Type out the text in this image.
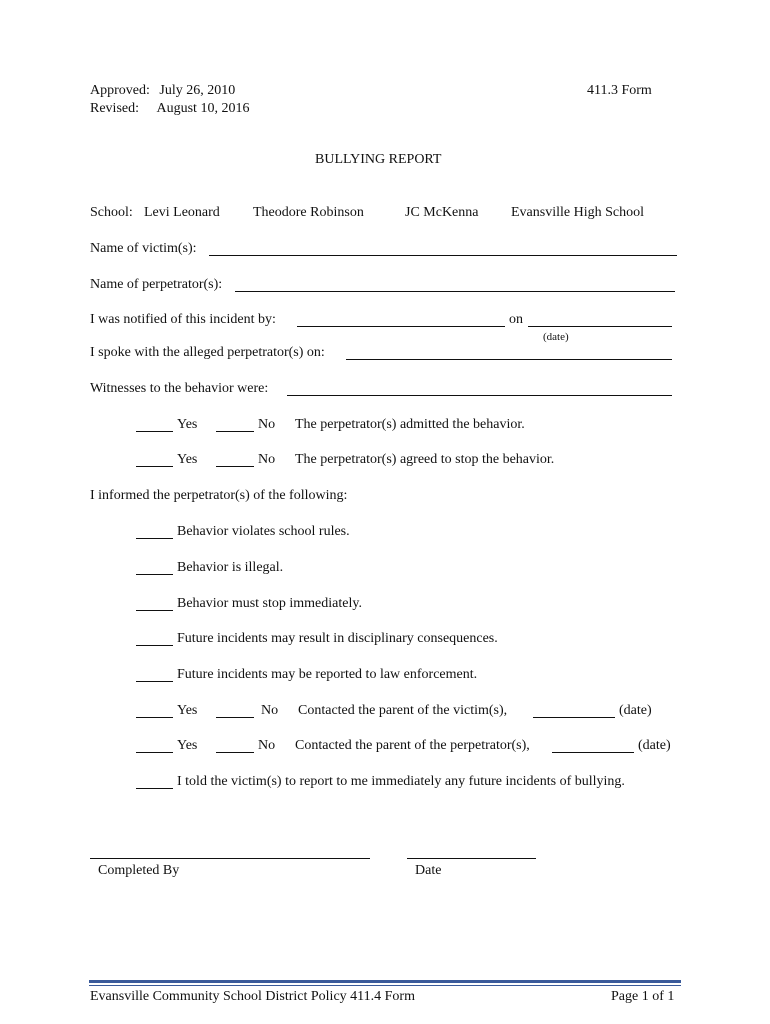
Approved: July 26, 2010
Revised: August 10, 2016
411.3 Form
BULLYING REPORT
School: Levi Leonard Theodore Robinson	JC McKenna Evansville High School
Name of victim(s):
Name of perpetrator(s):
I was notified of this incident by:	on
(date)
I spoke with the alleged perpetrator(s) on:
Witnesses to the behavior were:
Yes	No The perpetrator(s) admitted the behavior.
Yes	No The perpetrator(s) agreed to stop the behavior.
I informed the perpetrator(s) of the following:
Behavior violates school rules.
Behavior is illegal.
Behavior must stop immediately.
Future incidents may result in disciplinary consequences.
Future incidents may be reported to law enforcement.
Yes	No Contacted the parent of the victim(s),	(date)
Yes	No Contacted the parent of the perpetrator(s),	(date)
I told the victim(s) to report to me immediately any future incidents of bullying.
Completed By	Date
Evansville Community School District Policy 411.4 Form	Page 1 of 1
